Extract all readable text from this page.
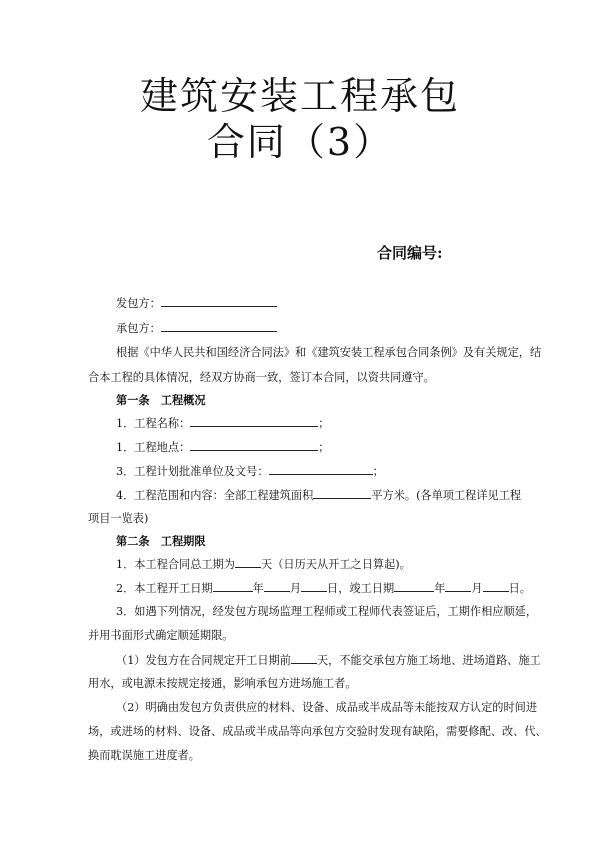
建筑安装工程承包
合同（3）
合同编号:
发包方：
承包方：
根据《中华人民共和国经济合同法》和《建筑安装工程承包合同条例》及有关规定，结
合本工程的具体情况，经双方协商一致，签订本合同，以资共同遵守。
第一条　工程概况
1．工程名称：	；
1．工程地点：	；
3．工程计划批准单位及文号：	；
4．工程范围和内容：全部工程建筑面积	平方米。(各单项工程详见工程
项目一览表)
第二条　工程期限
1．本工程合同总工期为 天（日历天从开工之日算起)。
2．本工程开工日期	年 月 日，竣工日期	年 月 日。
3．如遇下列情况，经发包方现场监理工程师或工程师代表签证后，工期作相应顺延，
并用书面形式确定顺延期限。
（1）发包方在合同规定开工日期前 天，不能交承包方施工场地、进场道路、施工
用水，或电源未按规定接通，影响承包方进场施工者。
（2）明确由发包方负责供应的材料、设备、成品或半成品等未能按双方认定的时间进
场，或进场的材料、设备、成品或半成品等向承包方交验时发现有缺陷，需要修配、改、代、
换而耽误施工进度者。
